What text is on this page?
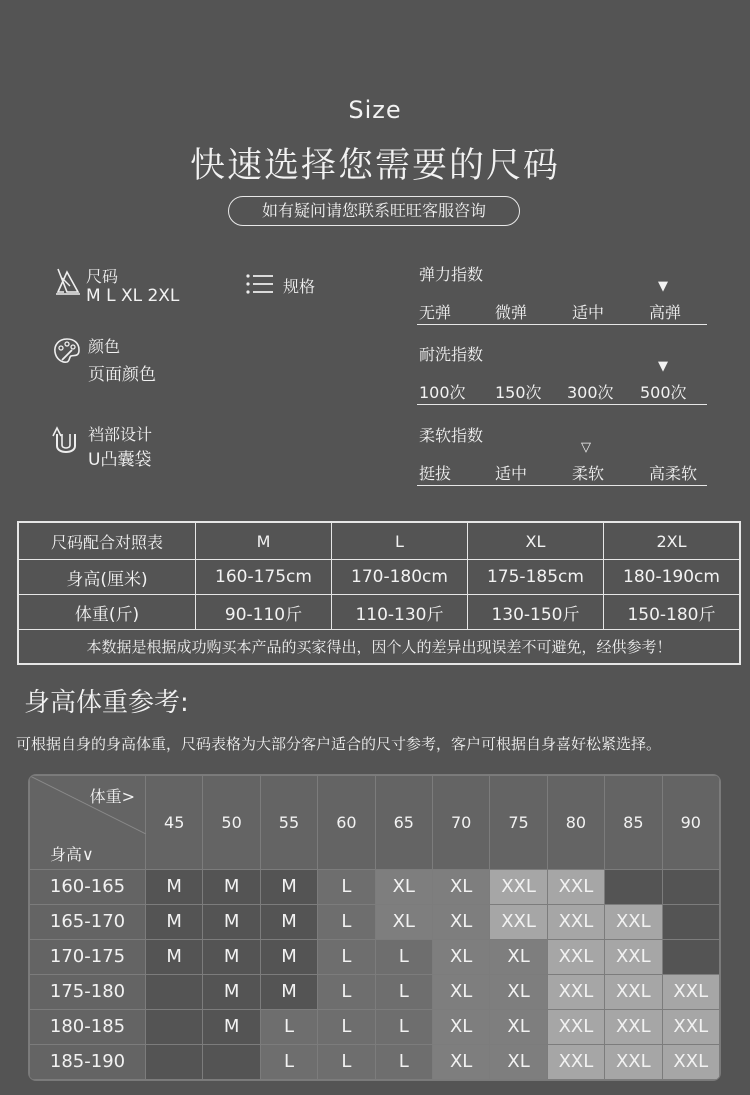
Size
快速选择您需要的尺码
如有疑问请您联系旺旺客服咨询
尺码
M L XL 2XL	规格
颜色
页面颜色
裆部设计
U凸囊袋
弹力指数
▼
无弹	微弹	适中	高弹
耐洗指数
▼
100次 150次 300次 500次
柔软指数
▽
挺拔	适中	柔软	高柔软
尺码配合对照表	M	L	XL	2XL
身高(厘米)	160-175cm	170-180cm	175-185cm	180-190cm
体重(斤)	90-110斤	110-130斤	130-150斤	150-180斤
本数据是根据成功购买本产品的买家得出，因个人的差异出现误差不可避免，经供参考！				
身高体重参考:
可根据自身的身高体重，尺码表格为大部分客户适合的尺寸参考，客户可根据自身喜好松紧选择。
体重>
身高∨	45	50	55	60	65	70	75	80	85	90
160-165	M	M	M	L	XL	XL	XXL	XXL		
165-170	M	M	M	L	XL	XL	XXL	XXL	XXL	
170-175	M	M	M	L	L	XL	XL	XXL	XXL	
175-180		M	M	L	L	XL	XL	XXL	XXL	XXL
180-185		M	L	L	L	XL	XL	XXL	XXL	XXL
185-190			L	L	L	XL	XL	XXL	XXL	XXL
